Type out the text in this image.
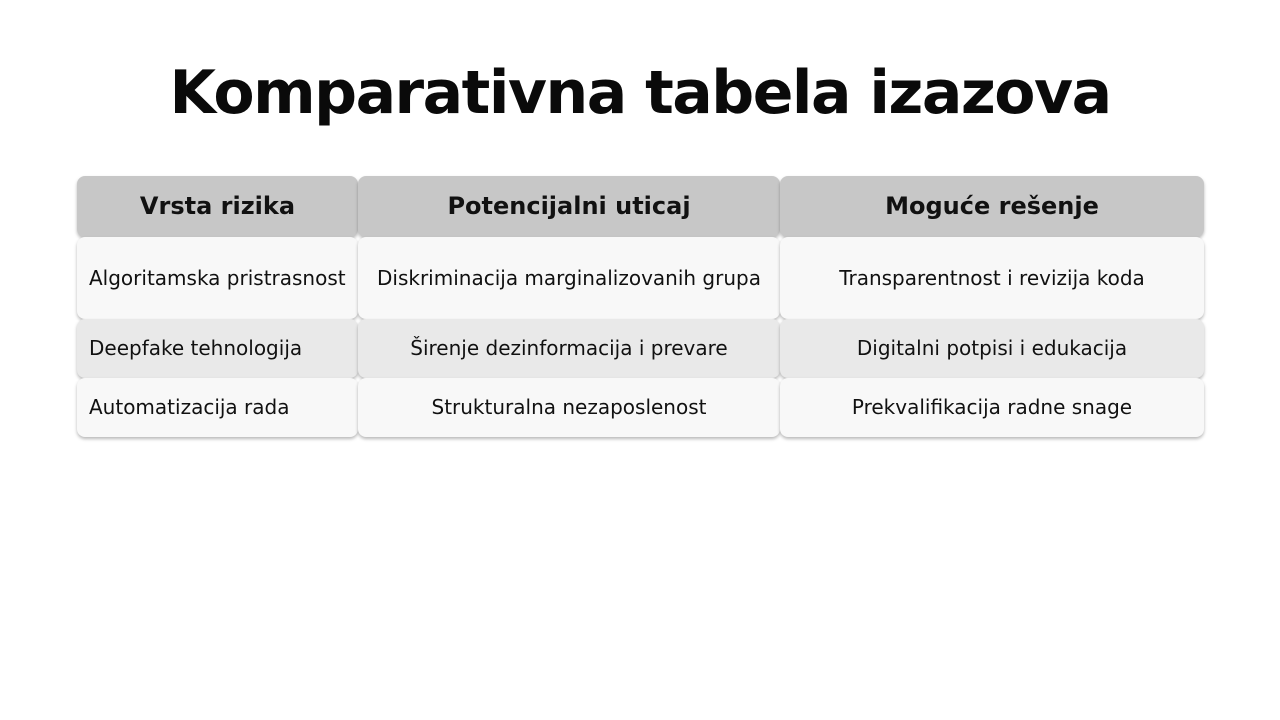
Komparativna tabela izazova
Vrsta rizika	Potencijalni uticaj	Moguće rešenje
Algoritamska pristrasnost	Diskriminacija marginalizovanih grupa	Transparentnost i revizija koda
Deepfake tehnologija	Širenje dezinformacija i prevare	Digitalni potpisi i edukacija
Automatizacija rada	Strukturalna nezaposlenost	Prekvalifikacija radne snage
